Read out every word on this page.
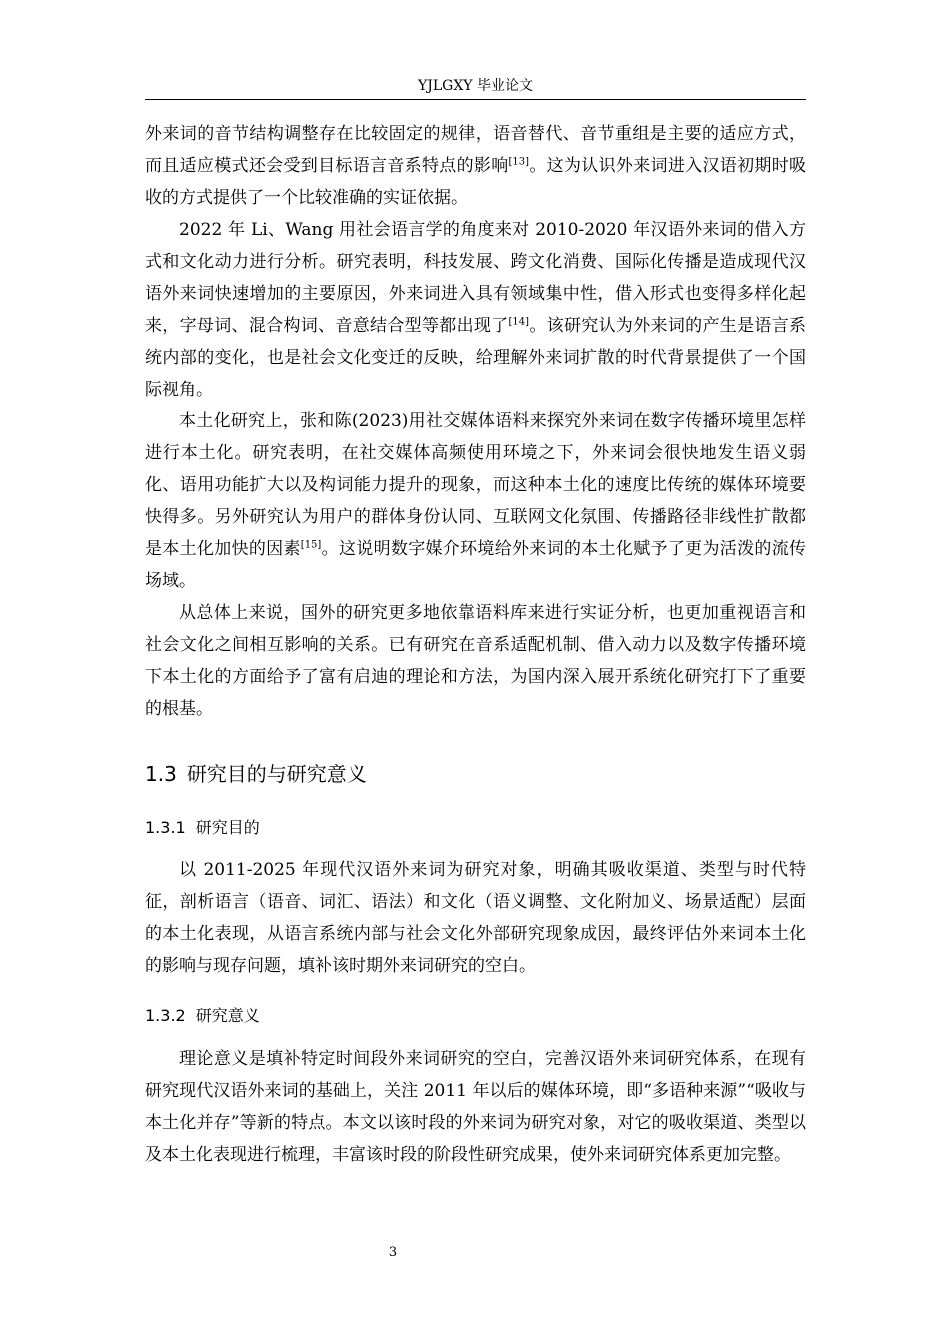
YJLGXY 毕业论文

外来词的音节结构调整存在比较固定的规律，语音替代、音节重组是主要的适应方式，而且适应模式还会受到目标语言音系特点的影响[13]。这为认识外来词进入汉语初期时吸收的方式提供了一个比较准确的实证依据。

2022 年 Li、Wang 用社会语言学的角度来对 2010-2020 年汉语外来词的借入方式和文化动力进行分析。研究表明，科技发展、跨文化消费、国际化传播是造成现代汉语外来词快速增加的主要原因，外来词进入具有领域集中性，借入形式也变得多样化起来，字母词、混合构词、音意结合型等都出现了[14]。该研究认为外来词的产生是语言系统内部的变化，也是社会文化变迁的反映，给理解外来词扩散的时代背景提供了一个国际视角。

本土化研究上，张和陈(2023)用社交媒体语料来探究外来词在数字传播环境里怎样进行本土化。研究表明，在社交媒体高频使用环境之下，外来词会很快地发生语义弱化、语用功能扩大以及构词能力提升的现象，而这种本土化的速度比传统的媒体环境要快得多。另外研究认为用户的群体身份认同、互联网文化氛围、传播路径非线性扩散都是本土化加快的因素[15]。这说明数字媒介环境给外来词的本土化赋予了更为活泼的流传场域。

从总体上来说，国外的研究更多地依靠语料库来进行实证分析，也更加重视语言和社会文化之间相互影响的关系。已有研究在音系适配机制、借入动力以及数字传播环境下本土化的方面给予了富有启迪的理论和方法，为国内深入展开系统化研究打下了重要的根基。

1.3 研究目的与研究意义
1.3.1 研究目的

以 2011-2025 年现代汉语外来词为研究对象，明确其吸收渠道、类型与时代特征，剖析语言（语音、词汇、语法）和文化（语义调整、文化附加义、场景适配）层面的本土化表现，从语言系统内部与社会文化外部研究现象成因，最终评估外来词本土化的影响与现存问题，填补该时期外来词研究的空白。

1.3.2 研究意义

理论意义是填补特定时间段外来词研究的空白，完善汉语外来词研究体系，在现有研究现代汉语外来词的基础上，关注 2011 年以后的媒体环境，即“多语种来源”“吸收与本土化并存”等新的特点。本文以该时段的外来词为研究对象，对它的吸收渠道、类型以及本土化表现进行梳理，丰富该时段的阶段性研究成果，使外来词研究体系更加完整。

3
